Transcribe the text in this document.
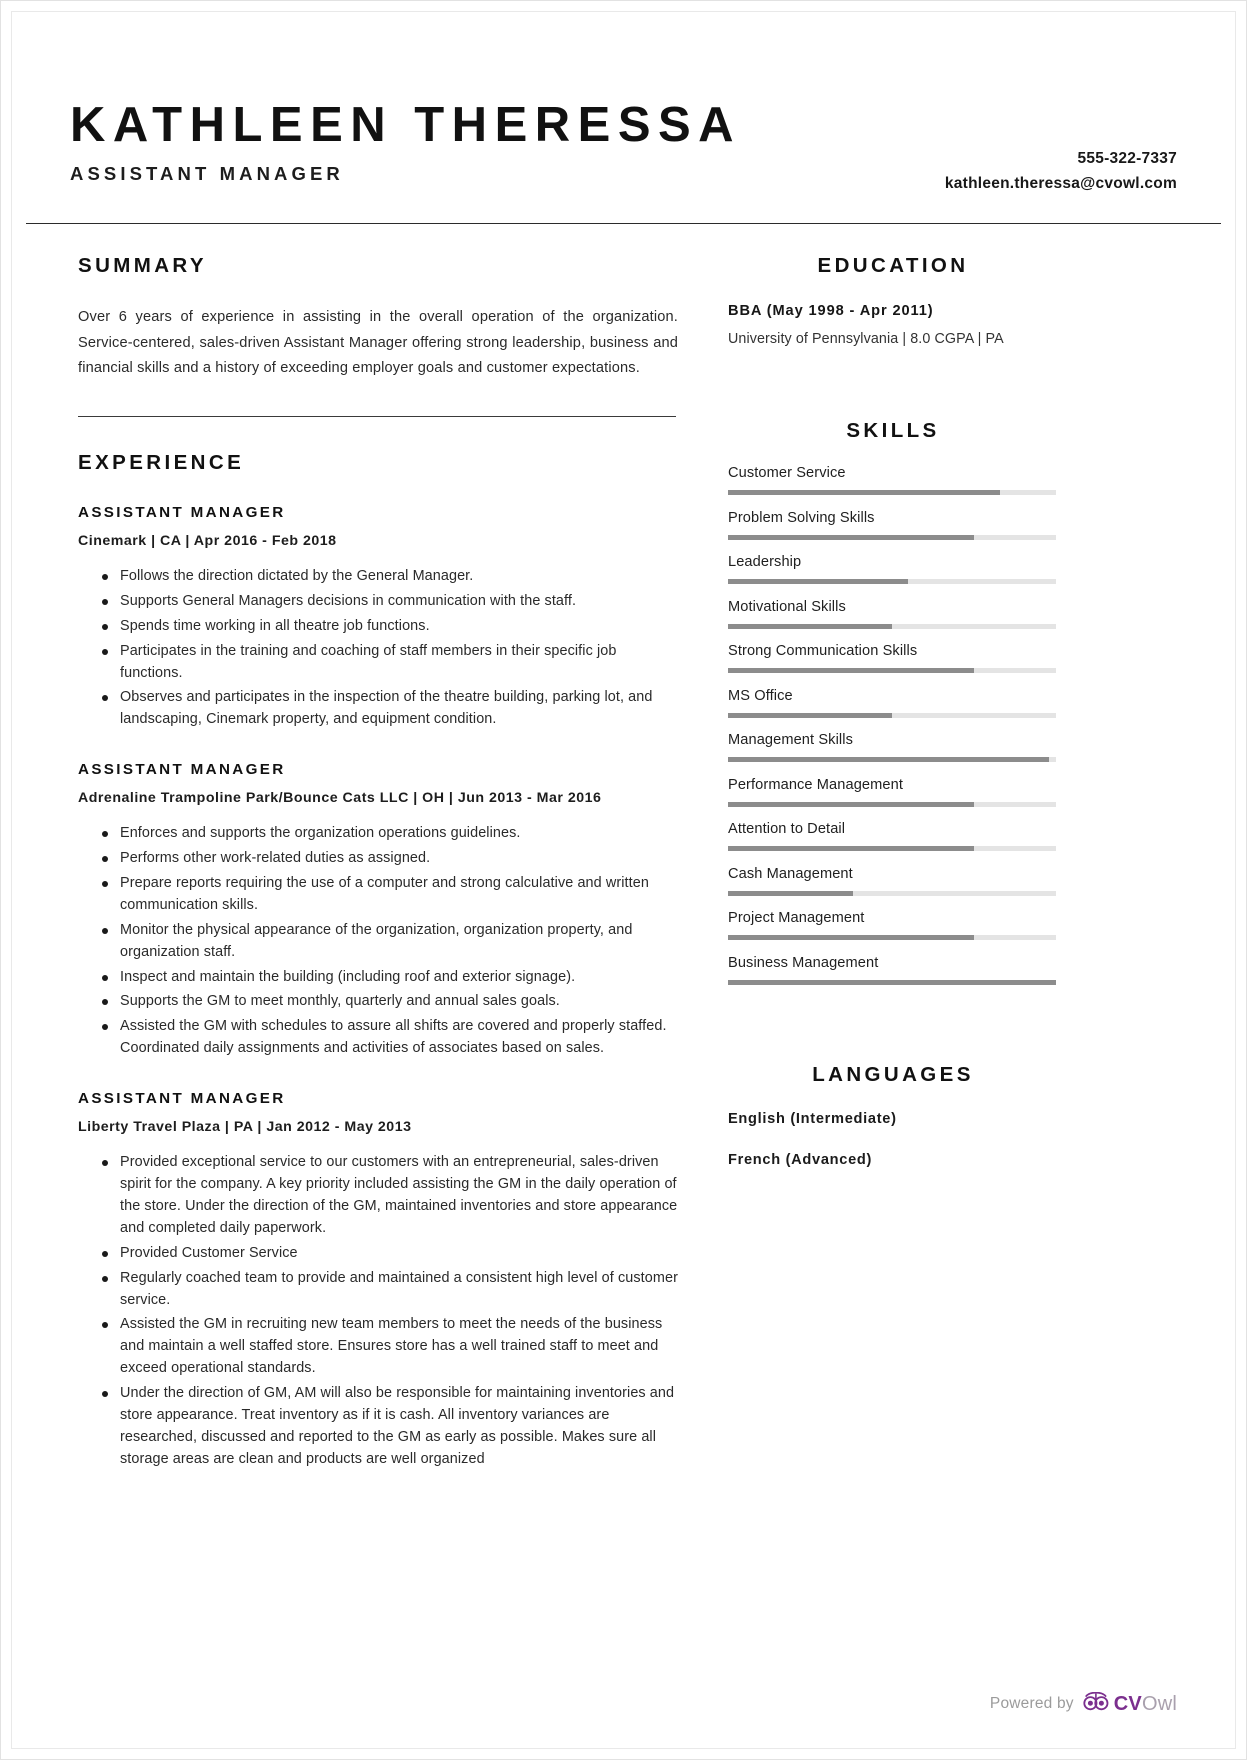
KATHLEEN THERESSA
ASSISTANT MANAGER
555-322-7337
kathleen.theressa@cvowl.com
SUMMARY
Over 6 years of experience in assisting in the overall operation of the organization. Service-centered, sales-driven Assistant Manager offering strong leadership, business and financial skills and a history of exceeding employer goals and customer expectations.
EXPERIENCE
ASSISTANT MANAGER
Cinemark | CA | Apr 2016 - Feb 2018
Follows the direction dictated by the General Manager.
Supports General Managers decisions in communication with the staff.
Spends time working in all theatre job functions.
Participates in the training and coaching of staff members in their specific job functions.
Observes and participates in the inspection of the theatre building, parking lot, and landscaping, Cinemark property, and equipment condition.
ASSISTANT MANAGER
Adrenaline Trampoline Park/Bounce Cats LLC | OH | Jun 2013 - Mar 2016
Enforces and supports the organization operations guidelines.
Performs other work-related duties as assigned.
Prepare reports requiring the use of a computer and strong calculative and written communication skills.
Monitor the physical appearance of the organization, organization property, and organization staff.
Inspect and maintain the building (including roof and exterior signage).
Supports the GM to meet monthly, quarterly and annual sales goals.
Assisted the GM with schedules to assure all shifts are covered and properly staffed. Coordinated daily assignments and activities of associates based on sales.
ASSISTANT MANAGER
Liberty Travel Plaza | PA | Jan 2012 - May 2013
Provided exceptional service to our customers with an entrepreneurial, sales-driven spirit for the company. A key priority included assisting the GM in the daily operation of the store. Under the direction of the GM, maintained inventories and store appearance and completed daily paperwork.
Provided Customer Service
Regularly coached team to provide and maintained a consistent high level of customer service.
Assisted the GM in recruiting new team members to meet the needs of the business and maintain a well staffed store. Ensures store has a well trained staff to meet and exceed operational standards.
Under the direction of GM, AM will also be responsible for maintaining inventories and store appearance. Treat inventory as if it is cash. All inventory variances are researched, discussed and reported to the GM as early as possible. Makes sure all storage areas are clean and products are well organized
EDUCATION
BBA (May 1998 - Apr 2011)
University of Pennsylvania | 8.0 CGPA | PA
SKILLS
Customer Service
Problem Solving Skills
Leadership
Motivational Skills
Strong Communication Skills
MS Office
Management Skills
Performance Management
Attention to Detail
Cash Management
Project Management
Business Management
LANGUAGES
English (Intermediate)
French (Advanced)
Powered by CVOwl
